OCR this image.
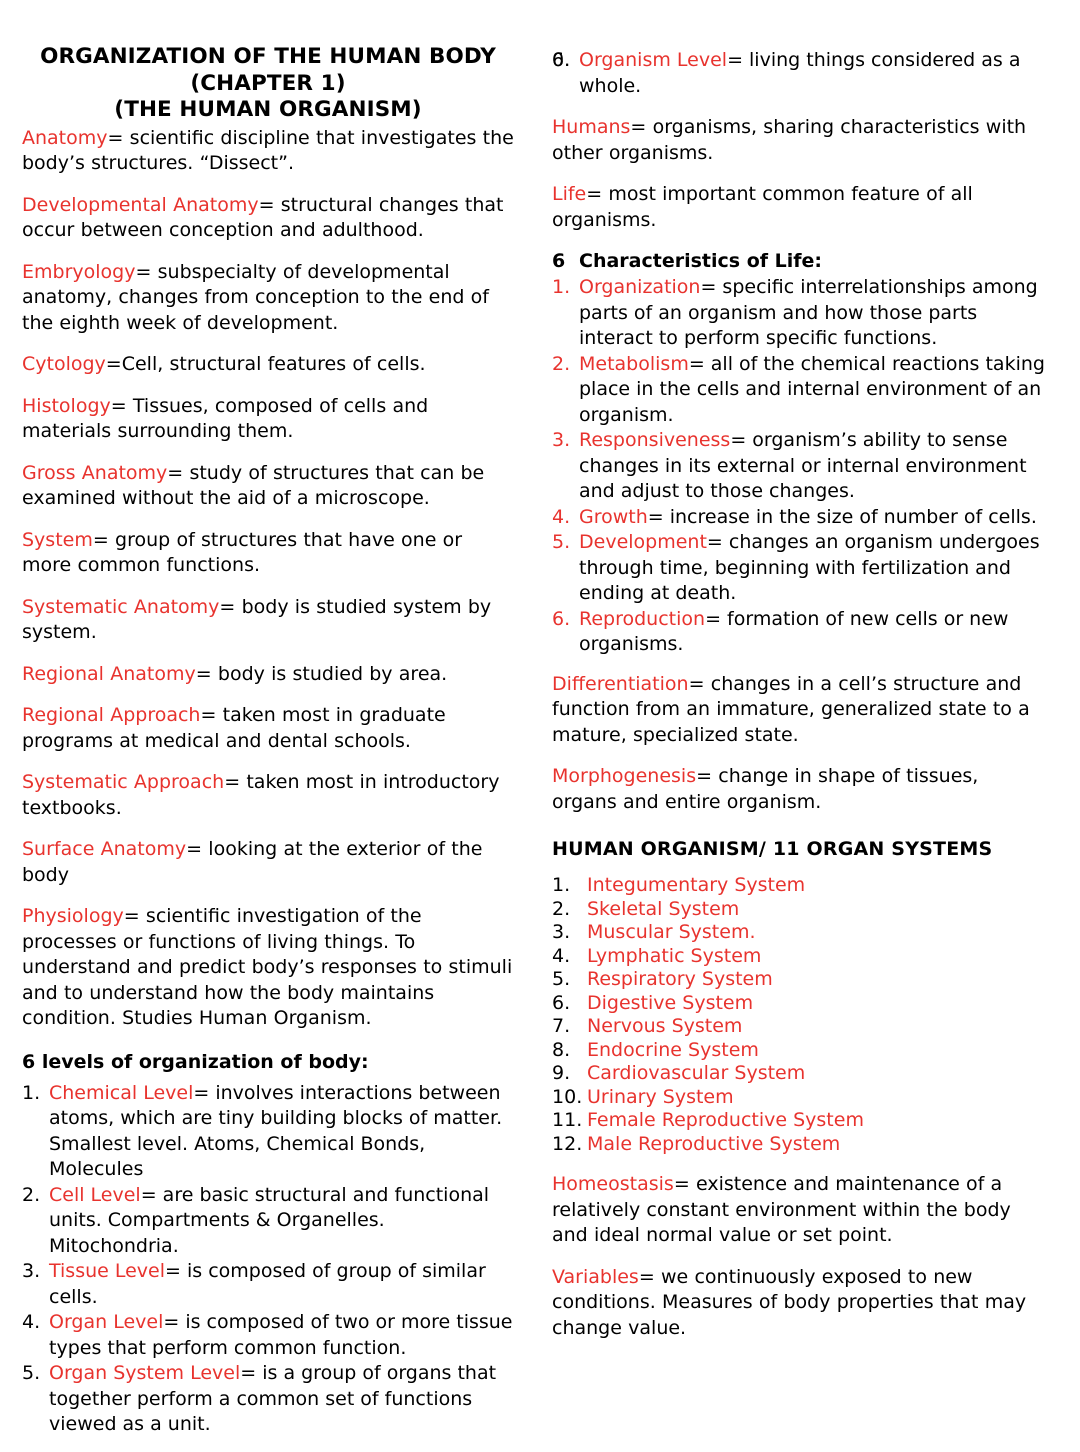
ORGANIZATION OF THE HUMAN BODY
(CHAPTER 1)
(THE HUMAN ORGANISM)

Anatomy= scientific discipline that investigates the body’s structures. “Dissect”.

Developmental Anatomy= structural changes that occur between conception and adulthood.

Embryology= subspecialty of developmental anatomy, changes from conception to the end of the eighth week of development.

Cytology=Cell, structural features of cells.

Histology= Tissues, composed of cells and materials surrounding them.

Gross Anatomy= study of structures that can be examined without the aid of a microscope.

System= group of structures that have one or more common functions.

Systematic Anatomy= body is studied system by system.

Regional Anatomy= body is studied by area.

Regional Approach= taken most in graduate programs at medical and dental schools.

Systematic Approach= taken most in introductory textbooks.

Surface Anatomy= looking at the exterior of the body

Physiology= scientific investigation of the processes or functions of living things. To understand and predict body’s responses to stimuli and to understand how the body maintains condition. Studies Human Organism.

6 levels of organization of body:
Chemical Level= involves interactions between atoms, which are tiny building blocks of matter. Smallest level. Atoms, Chemical Bonds, Molecules
Cell Level= are basic structural and functional units. Compartments & Organelles. Mitochondria.
Tissue Level= is composed of group of similar cells.
Organ Level= is composed of two or more tissue types that perform common function.
Organ System Level= is a group of organs that together perform a common set of functions viewed as a unit.
6. Organism Level= living things considered as a whole.

Humans= organisms, sharing characteristics with other organisms.

Life= most important common feature of all organisms.

6 Characteristics of Life:
Organization= specific interrelationships among parts of an organism and how those parts interact to perform specific functions.
Metabolism= all of the chemical reactions taking place in the cells and internal environment of an organism.
Responsiveness= organism’s ability to sense changes in its external or internal environment and adjust to those changes.
Growth= increase in the size of number of cells.
Development= changes an organism undergoes through time, beginning with fertilization and ending at death.
Reproduction= formation of new cells or new organisms.

Differentiation= changes in a cell’s structure and function from an immature, generalized state to a mature, specialized state.

Morphogenesis= change in shape of tissues, organs and entire organism.

HUMAN ORGANISM/ 11 ORGAN SYSTEMS
Integumentary System
Skeletal System
Muscular System.
Lymphatic System
Respiratory System
Digestive System
Nervous System
Endocrine System
Cardiovascular System
Urinary System
Female Reproductive System
Male Reproductive System

Homeostasis= existence and maintenance of a relatively constant environment within the body and ideal normal value or set point.

Variables= we continuously exposed to new conditions. Measures of body properties that may change value.
